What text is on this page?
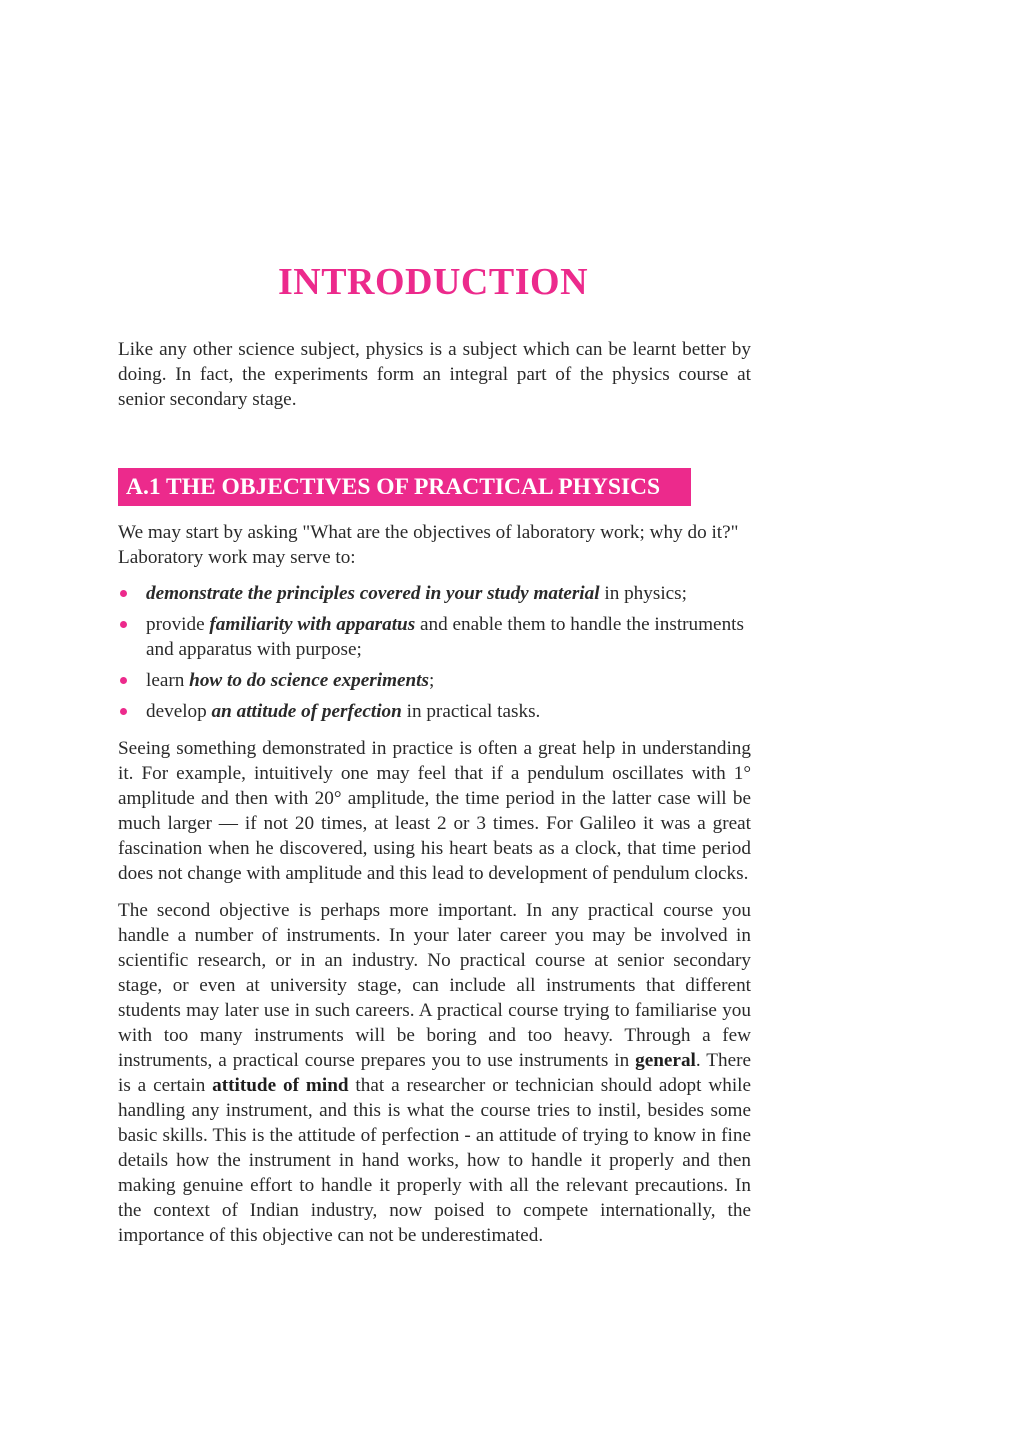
INTRODUCTION

Like any other science subject, physics is a subject which can be learnt better by doing. In fact, the experiments form an integral part of the physics course at senior secondary stage.

A.1 THE OBJECTIVES OF PRACTICAL PHYSICS

We may start by asking "What are the objectives of laboratory work; why do it?" Laboratory work may serve to:

demonstrate the principles covered in your study material in physics;
provide familiarity with apparatus and enable them to handle the instruments and apparatus with purpose;
learn how to do science experiments;
develop an attitude of perfection in practical tasks.

Seeing something demonstrated in practice is often a great help in understanding it. For example, intuitively one may feel that if a pendulum oscillates with 1° amplitude and then with 20° amplitude, the time period in the latter case will be much larger — if not 20 times, at least 2 or 3 times. For Galileo it was a great fascination when he discovered, using his heart beats as a clock, that time period does not change with amplitude and this lead to development of pendulum clocks.

The second objective is perhaps more important. In any practical course you handle a number of instruments. In your later career you may be involved in scientific research, or in an industry. No practical course at senior secondary stage, or even at university stage, can include all instruments that different students may later use in such careers. A practical course trying to familiarise you with too many instruments will be boring and too heavy. Through a few instruments, a practical course prepares you to use instruments in general. There is a certain attitude of mind that a researcher or technician should adopt while handling any instrument, and this is what the course tries to instil, besides some basic skills. This is the attitude of perfection - an attitude of trying to know in fine details how the instrument in hand works, how to handle it properly and then making genuine effort to handle it properly with all the relevant precautions. In the context of Indian industry, now poised to compete internationally, the importance of this objective can not be underestimated.
